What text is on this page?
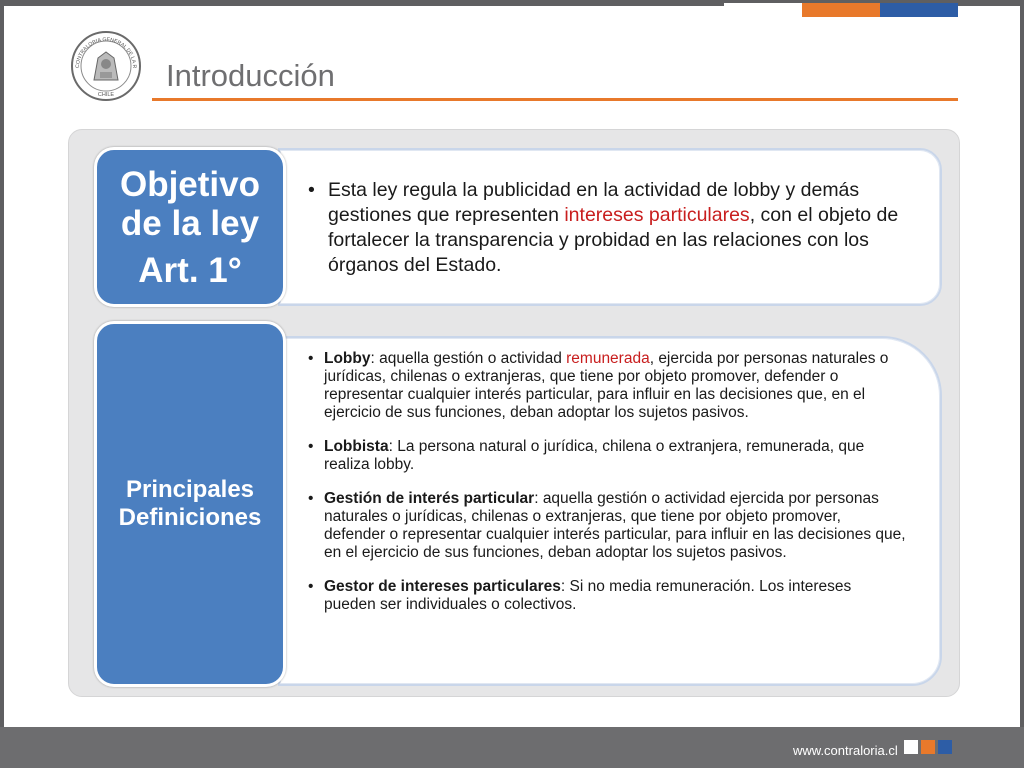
CONTRALORIA GENERAL DE LA R
CHILE
Introducción
Objetivo de la ley
Art. 1°
Principales Definiciones
• Esta ley regula la publicidad en la actividad de lobby y demás gestiones que representen intereses particulares, con el objeto de fortalecer la transparencia y probidad en las relaciones con los órganos del Estado.
• Lobby: aquella gestión o actividad remunerada, ejercida por personas naturales o jurídicas, chilenas o extranjeras, que tiene por objeto promover, defender o representar cualquier interés particular, para influir en las decisiones que, en el ejercicio de sus funciones, deban adoptar los sujetos pasivos.
• Lobbista: La persona natural o jurídica, chilena o extranjera, remunerada, que realiza lobby.
• Gestión de interés particular: aquella gestión o actividad ejercida por personas naturales o jurídicas, chilenas o extranjeras, que tiene por objeto promover, defender o representar cualquier interés particular, para influir en las decisiones que, en el ejercicio de sus funciones, deban adoptar los sujetos pasivos.
• Gestor de intereses particulares: Si no media remuneración. Los intereses pueden ser individuales o colectivos.
www.contraloria.cl
